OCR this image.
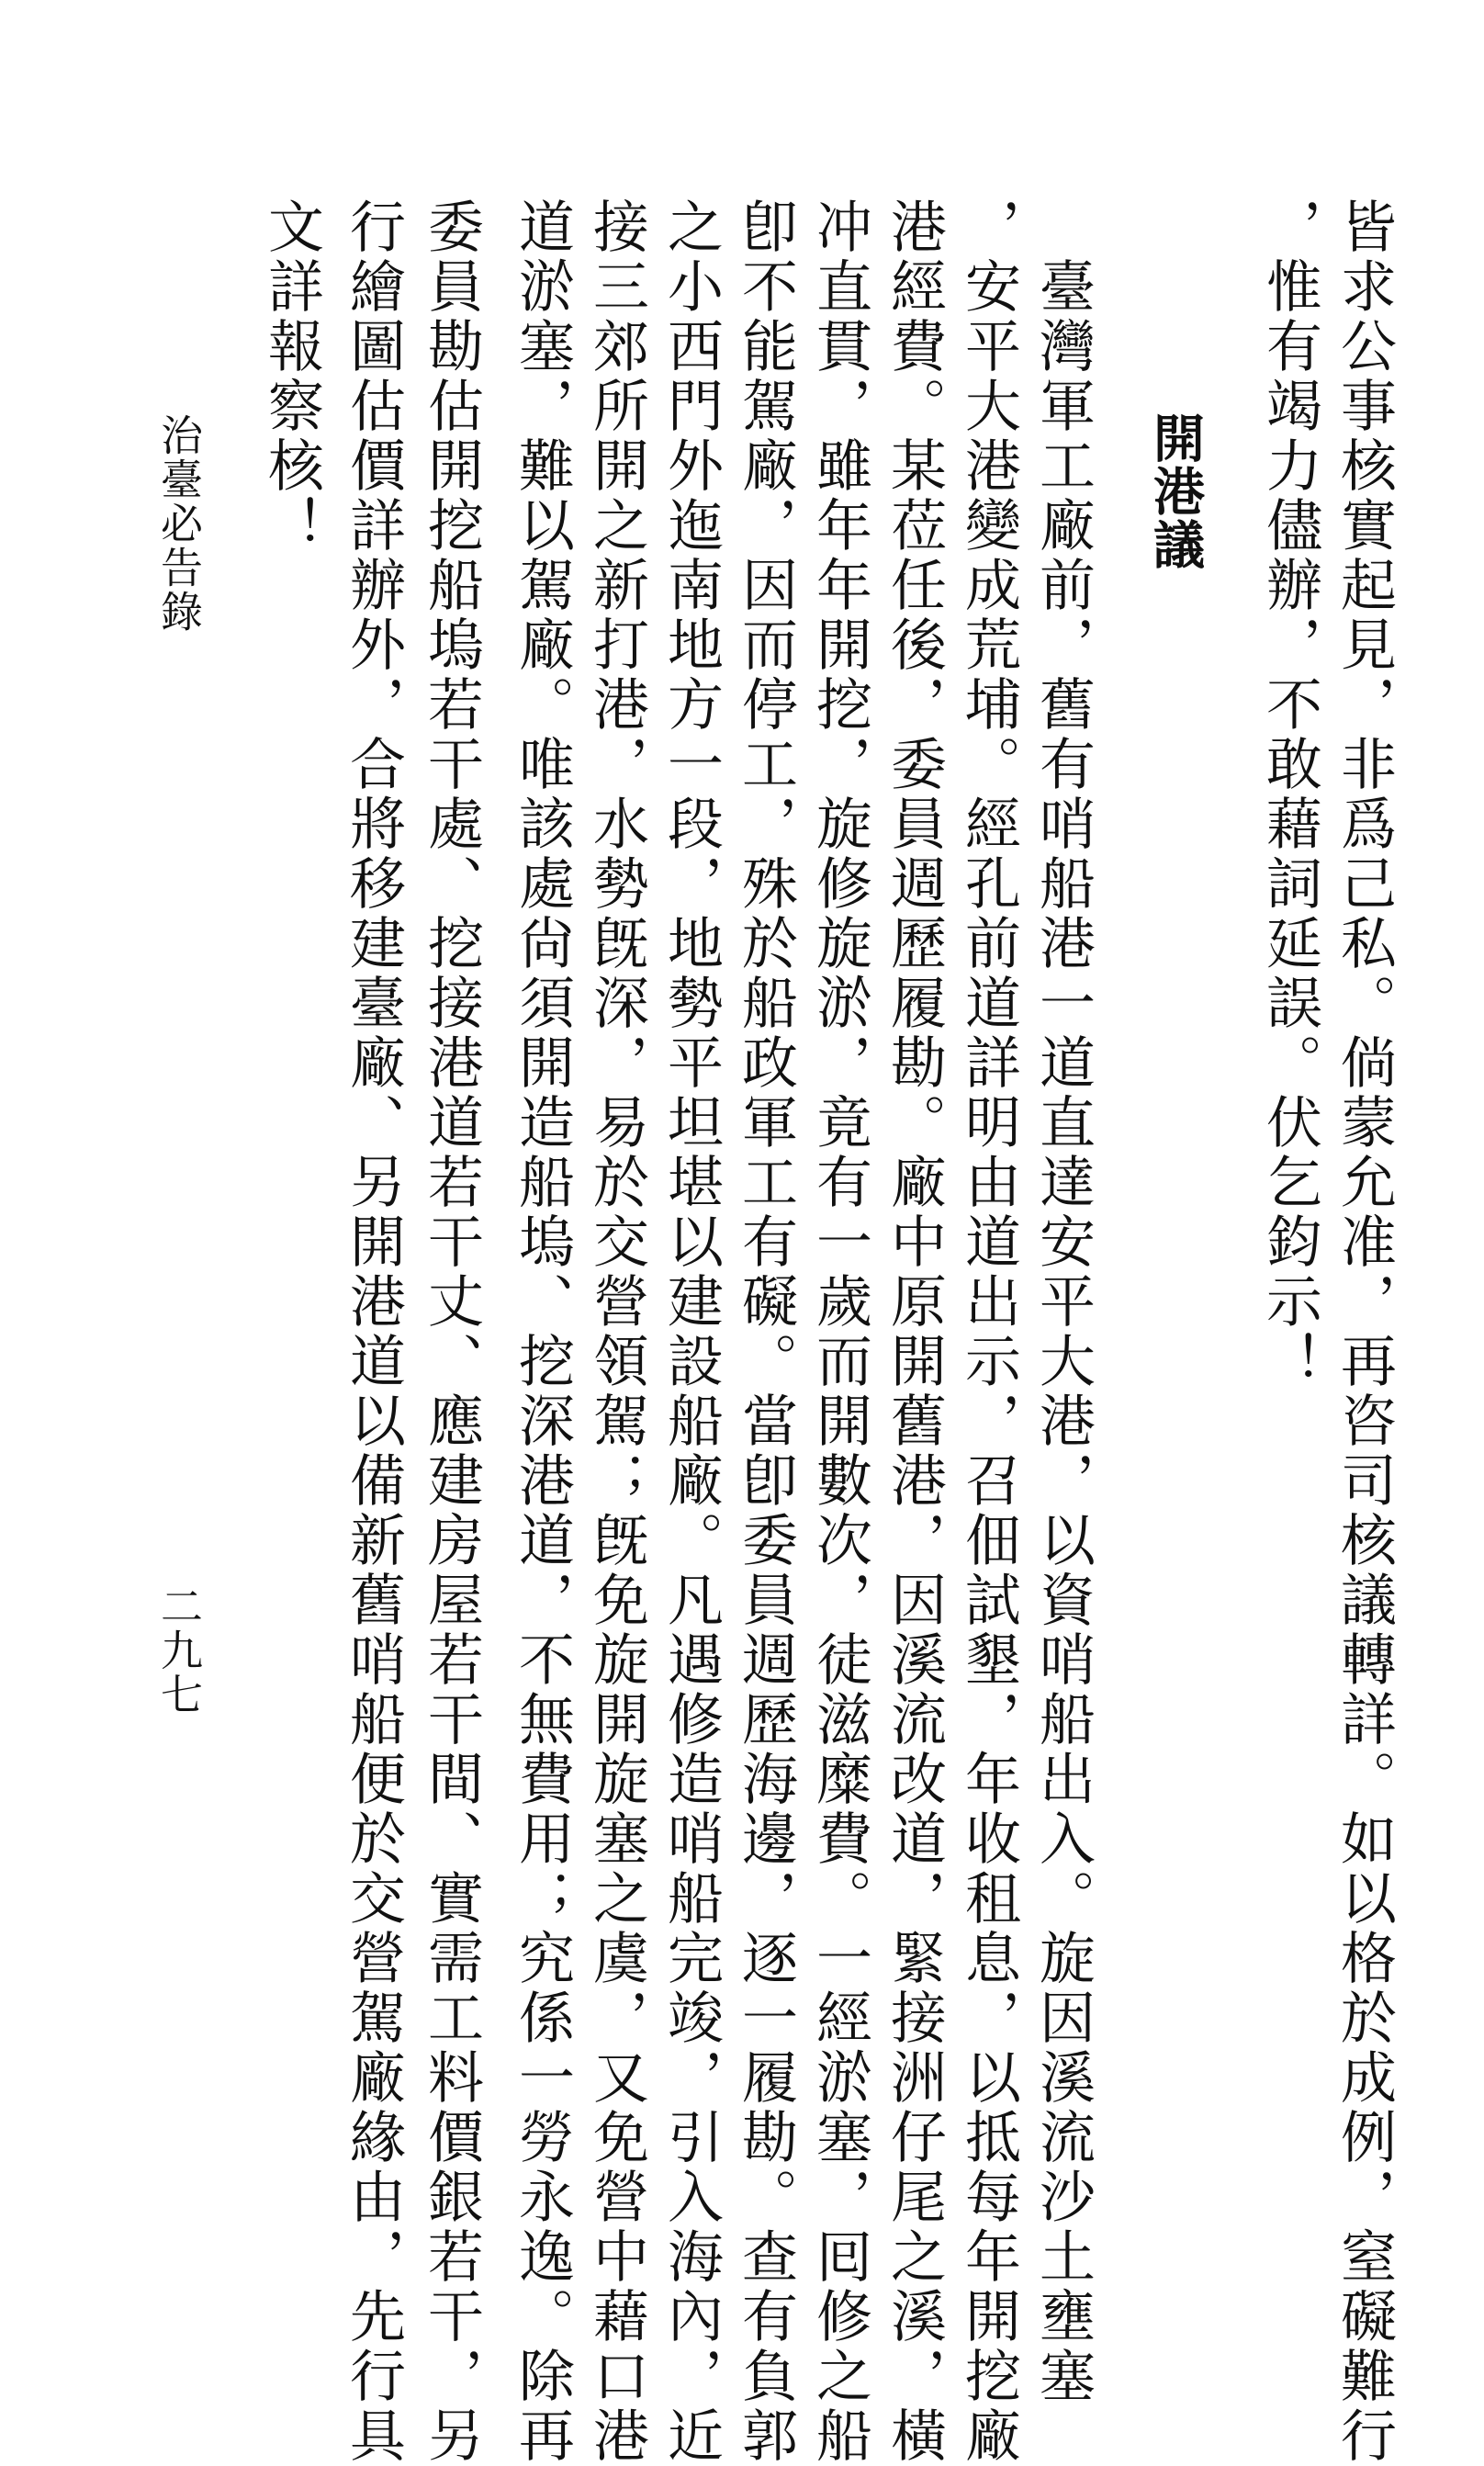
皆求公事核實起見，非爲己私。倘蒙允准，再咨司核議轉詳。如以格於成例，窒礙難行
，惟有竭力儘辦，不敢藉詞延誤。伏乞鈞示！
開港議
　臺灣軍工廠前，舊有哨船港一道直達安平大港，以資哨船出入。旋因溪流沙土壅塞
，安平大港變成荒埔。經孔前道詳明由道出示，召佃試墾，年收租息，以抵每年開挖廠
港經費。某莅任後，委員週歷履勘。廠中原開舊港，因溪流改道，緊接洲仔尾之溪，橫
冲直貫，雖年年開挖，旋修旋淤，竟有一歲而開數次，徒滋糜費。一經淤塞，囘修之船
卽不能駕廠，因而停工，殊於船政軍工有礙。當卽委員週歷海邊，逐一履勘。查有負郭
之小西門外迤南地方一段，地勢平坦堪以建設船廠。凡遇修造哨船完竣，引入海內，近
接三郊所開之新打港，水勢旣深，易於交營領駕；旣免旋開旋塞之虞，又免營中藉口港
道淤塞，難以駕廠。唯該處尙須開造船塢、挖深港道，不無費用；究係一勞永逸。除再
委員勘估開挖船塢若干處、挖接港道若干丈、應建房屋若干間、實需工料價銀若干，另
行繪圖估價詳辦外，合將移建臺廠、另開港道以備新舊哨船便於交營駕廠緣由，先行具
文詳報察核！
治臺必告錄
二九七
